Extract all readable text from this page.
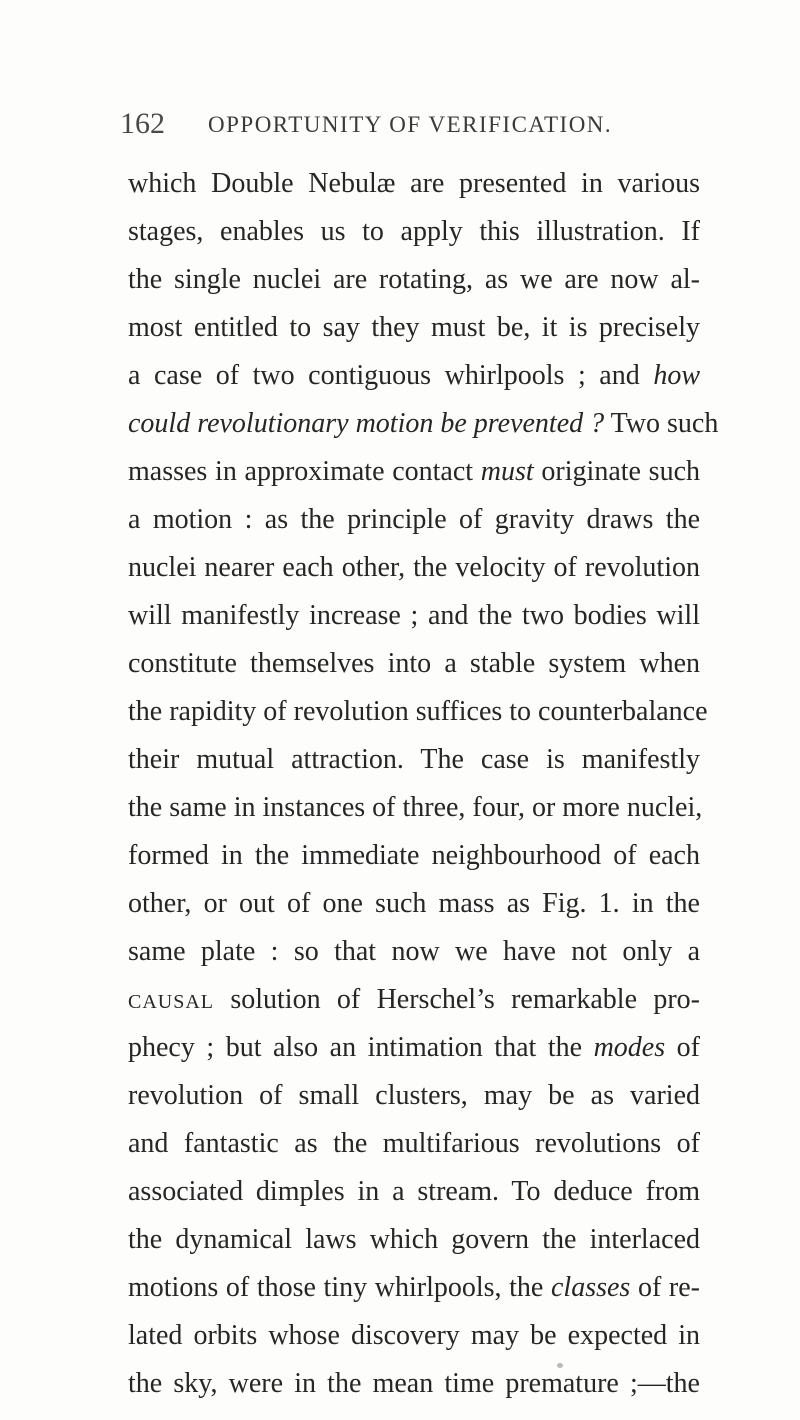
162 OPPORTUNITY OF VERIFICATION.
which Double Nebulæ are presented in various
stages, enables us to apply this illustration. If
the single nuclei are rotating, as we are now al-
most entitled to say they must be, it is precisely
a case of two contiguous whirlpools ; and how
could revolutionary motion be prevented ? Two such
masses in approximate contact must originate such
a motion : as the principle of gravity draws the
nuclei nearer each other, the velocity of revolution
will manifestly increase ; and the two bodies will
constitute themselves into a stable system when
the rapidity of revolution suffices to counterbalance
their mutual attraction. The case is manifestly
the same in instances of three, four, or more nuclei,
formed in the immediate neighbourhood of each
other, or out of one such mass as Fig. 1. in the
same plate : so that now we have not only a
causal solution of Herschel’s remarkable pro-
phecy ; but also an intimation that the modes of
revolution of small clusters, may be as varied
and fantastic as the multifarious revolutions of
associated dimples in a stream. To deduce from
the dynamical laws which govern the interlaced
motions of those tiny whirlpools, the classes of re-
lated orbits whose discovery may be expected in
the sky, were in the mean time premature ;—the
